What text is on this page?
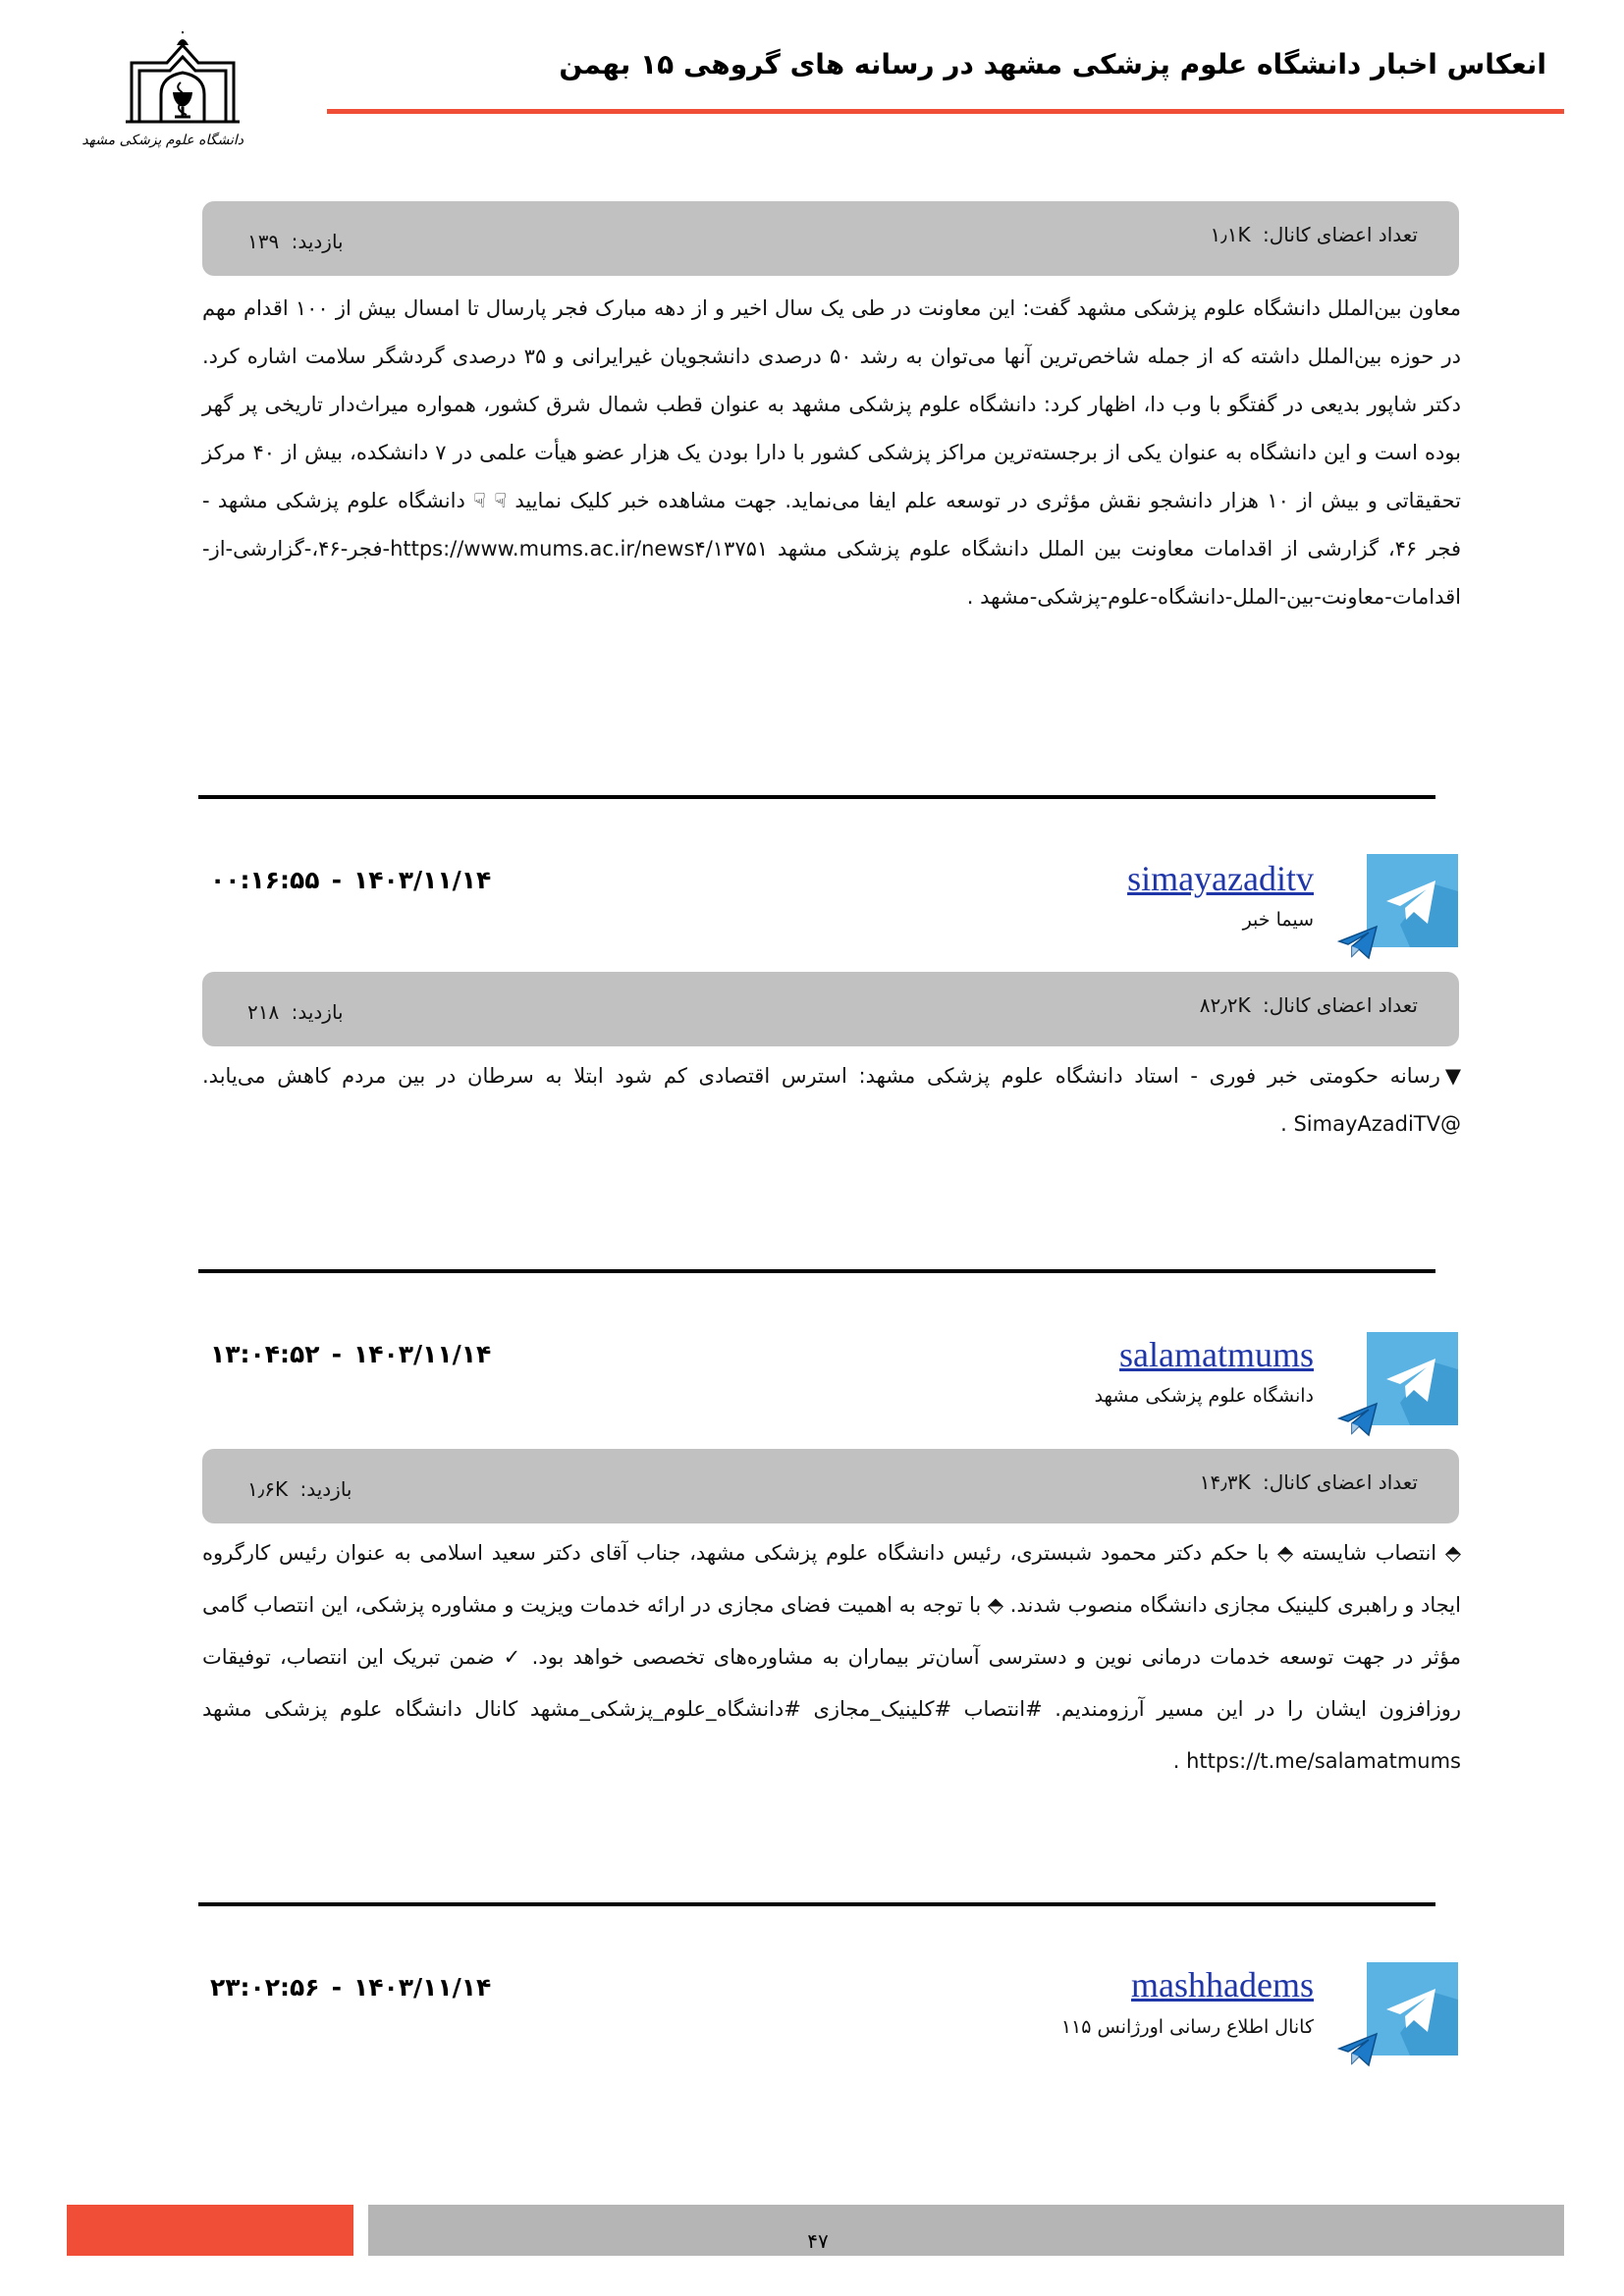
دانشگاه علوم پزشکی مشهد
انعکاس اخبار دانشگاه علوم پزشکی مشهد در رسانه های گروهی ۱۵ بهمن
تعداد اعضای کانال: ۱٫۱K
بازدید: ۱۳۹
معاون بین‌الملل دانشگاه علوم پزشکی مشهد گفت: این معاونت در طی یک سال اخیر و از دهه مبارک فجر پارسال تا امسال بیش از ۱۰۰ اقدام مهم در حوزه بین‌الملل داشته که از جمله شاخص‌ترین آنها می‌توان به رشد ۵۰ درصدی دانشجویان غیرایرانی و ۳۵ درصدی گردشگر سلامت اشاره کرد. دکتر شاپور بدیعی در گفتگو با وب دا، اظهار کرد: دانشگاه علوم پزشکی مشهد به عنوان قطب شمال شرق کشور، همواره میراث‌دار تاریخی پر گهر بوده است و این دانشگاه به عنوان یکی از برجسته‌ترین مراکز پزشکی کشور با دارا بودن یک هزار عضو هیأت علمی در ۷ دانشکده، بیش از ۴۰ مرکز تحقیقاتی و بیش از ۱۰ هزار دانشجو نقش مؤثری در توسعه علم ایفا می‌نماید. جهت مشاهده خبر کلیک نمایید ☟ ☟ دانشگاه علوم پزشکی مشهد - فجر ۴۶، گزارشی از اقدامات معاونت بین الملل دانشگاه علوم پزشکی مشهد https://www.mums.ac.ir/news۴/۱۳۷۵۱-فجر-۴۶،-گزارشی-از-اقدامات-معاونت-بین-الملل-دانشگاه-علوم-پزشکی-مشهد .
simayazaditv
سیما خبر
۰۰:۱۶:۵۵ - ۱۴۰۳/۱۱/۱۴
تعداد اعضای کانال: ۸۲٫۲K
بازدید: ۲۱۸
▼رسانه حکومتی خبر فوری - استاد دانشگاه علوم پزشکی مشهد: استرس اقتصادی کم شود ابتلا به سرطان در بین مردم کاهش می‌یابد. @SimayAzadiTV .
salamatmums
دانشگاه علوم پزشکی مشهد
۱۳:۰۴:۵۲ - ۱۴۰۳/۱۱/۱۴
تعداد اعضای کانال: ۱۴٫۳K
بازدید: ۱٫۶K
⬘ انتصاب شایسته ⬘ با حکم دکتر محمود شبستری، رئیس دانشگاه علوم پزشکی مشهد، جناب آقای دکتر سعید اسلامی به عنوان رئیس کارگروه ایجاد و راهبری کلینیک مجازی دانشگاه منصوب شدند. ⬘ با توجه به اهمیت فضای مجازی در ارائه خدمات ویزیت و مشاوره پزشکی، این انتصاب گامی مؤثر در جهت توسعه خدمات درمانی نوین و دسترسی آسان‌تر بیماران به مشاوره‌های تخصصی خواهد بود. ✓ ضمن تبریک این انتصاب، توفیقات روزافزون ایشان را در این مسیر آرزومندیم. #انتصاب #کلینیک_مجازی #دانشگاه_علوم_پزشکی_مشهد کانال دانشگاه علوم پزشکی مشهد https://t.me/salamatmums .
mashhadems
کانال اطلاع رسانی اورژانس ۱۱۵
۲۳:۰۲:۵۶ - ۱۴۰۳/۱۱/۱۴
۴۷
